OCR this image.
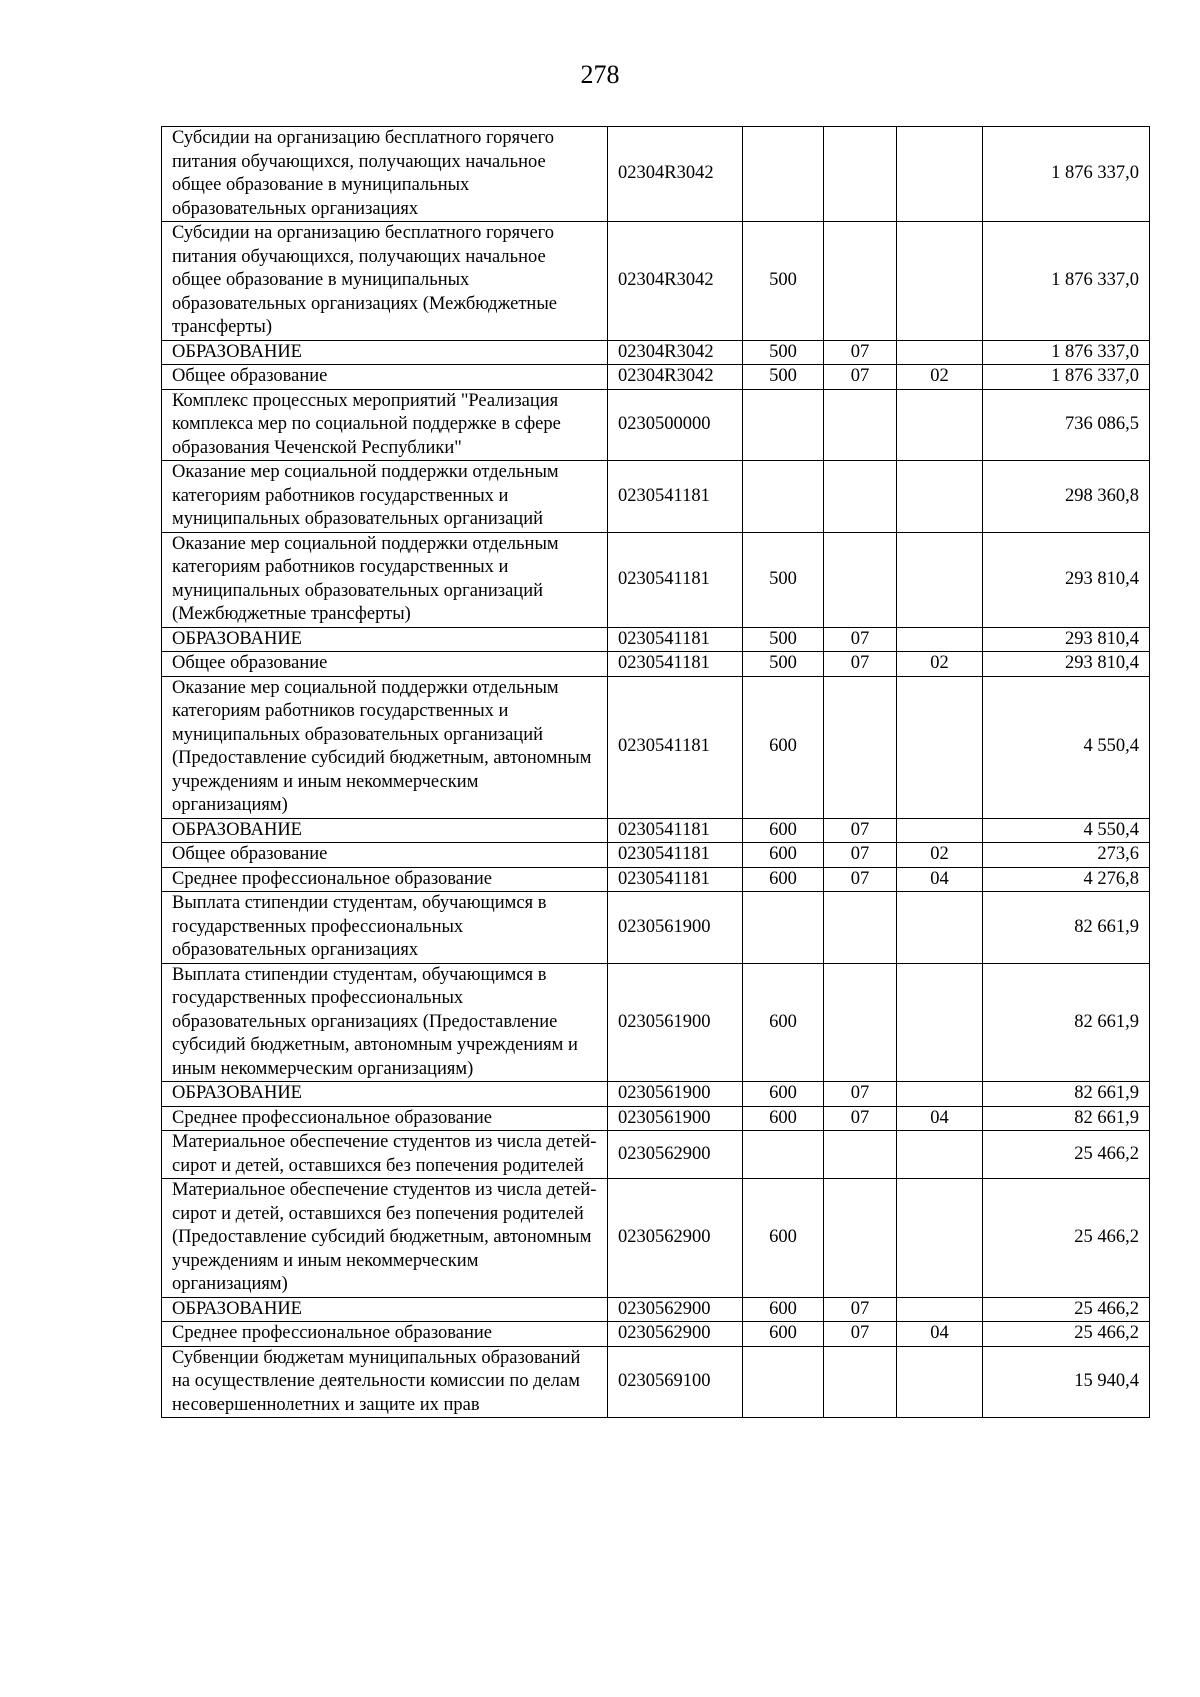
278
Субсидии на организацию бесплатного горячего питания обучающихся, получающих начальное общее образование в муниципальных образовательных организациях	02304R3042				1 876 337,0
Субсидии на организацию бесплатного горячего питания обучающихся, получающих начальное общее образование в муниципальных образовательных организациях (Межбюджетные трансферты)	02304R3042	500			1 876 337,0
ОБРАЗОВАНИЕ	02304R3042	500	07		1 876 337,0
Общее образование	02304R3042	500	07	02	1 876 337,0
Комплекс процессных мероприятий "Реализация комплекса мер по социальной поддержке в сфере образования Чеченской Республики"	0230500000				736 086,5
Оказание мер социальной поддержки отдельным категориям работников государственных и муниципальных образовательных организаций	0230541181				298 360,8
Оказание мер социальной поддержки отдельным категориям работников государственных и муниципальных образовательных организаций (Межбюджетные трансферты)	0230541181	500			293 810,4
ОБРАЗОВАНИЕ	0230541181	500	07		293 810,4
Общее образование	0230541181	500	07	02	293 810,4
Оказание мер социальной поддержки отдельным категориям работников государственных и муниципальных образовательных организаций (Предоставление субсидий бюджетным, автономным учреждениям и иным некоммерческим организациям)	0230541181	600			4 550,4
ОБРАЗОВАНИЕ	0230541181	600	07		4 550,4
Общее образование	0230541181	600	07	02	273,6
Среднее профессиональное образование	0230541181	600	07	04	4 276,8
Выплата стипендии студентам, обучающимся в государственных профессиональных образовательных организациях	0230561900				82 661,9
Выплата стипендии студентам, обучающимся в государственных профессиональных образовательных организациях (Предоставление субсидий бюджетным, автономным учреждениям и иным некоммерческим организациям)	0230561900	600			82 661,9
ОБРАЗОВАНИЕ	0230561900	600	07		82 661,9
Среднее профессиональное образование	0230561900	600	07	04	82 661,9
Материальное обеспечение студентов из числа детей-сирот и детей, оставшихся без попечения родителей	0230562900				25 466,2
Материальное обеспечение студентов из числа детей-сирот и детей, оставшихся без попечения родителей (Предоставление субсидий бюджетным, автономным учреждениям и иным некоммерческим организациям)	0230562900	600			25 466,2
ОБРАЗОВАНИЕ	0230562900	600	07		25 466,2
Среднее профессиональное образование	0230562900	600	07	04	25 466,2
Субвенции бюджетам муниципальных образований на осуществление деятельности комиссии по делам несовершеннолетних и защите их прав	0230569100				15 940,4
